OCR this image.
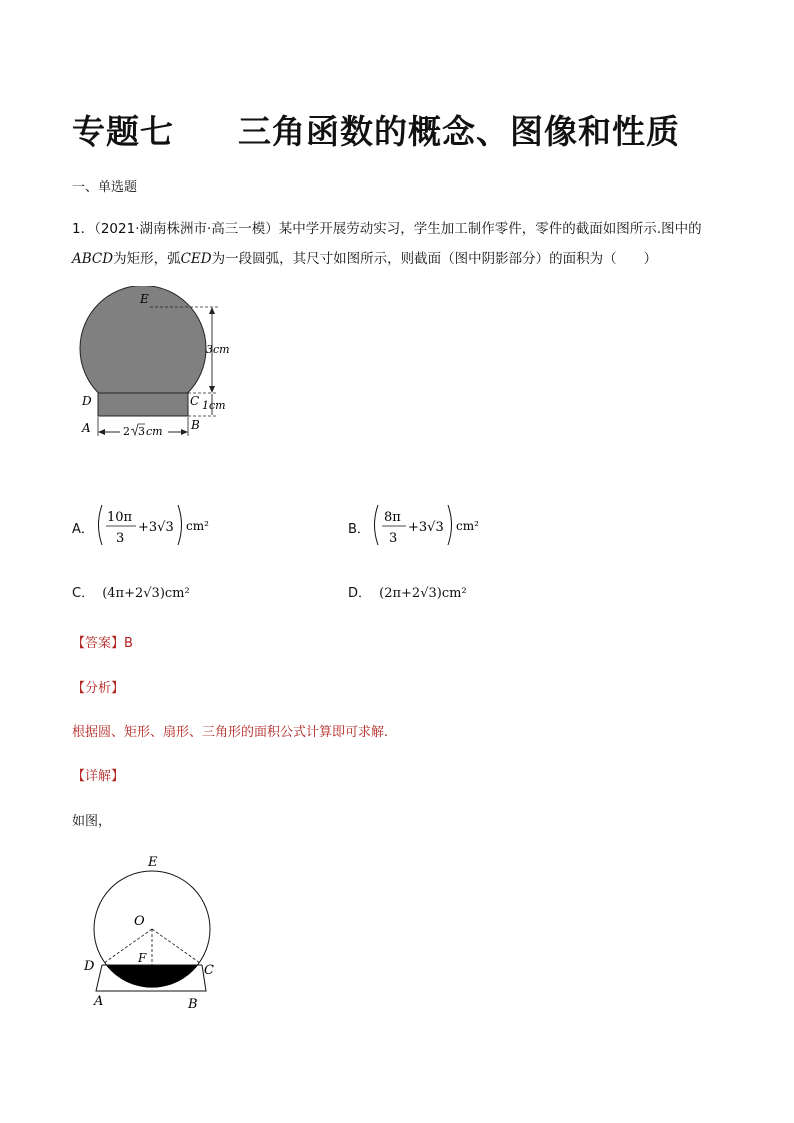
专题七 三角函数的概念、图像和性质
一、单选题
1．（2021·湖南株洲市·高三一模）某中学开展劳动实习，学生加工制作零件，零件的截面如图所示.图中的
ABCD为矩形，弧CED为一段圆弧，其尺寸如图所示，则截面（图中阴影部分）的面积为（　　）
E
D	C
A	B
3cm
1cm
2 3 cm
A．
10π
3
+3√3 cm²	B．
8π
3
+3√3 cm²
C． (4π+2√3)cm²	D． (2π+2√3)cm²
【答案】B
【分析】
根据圆、矩形、扇形、三角形的面积公式计算即可求解.
【详解】
如图，
E
O
F
D	C
A	B
